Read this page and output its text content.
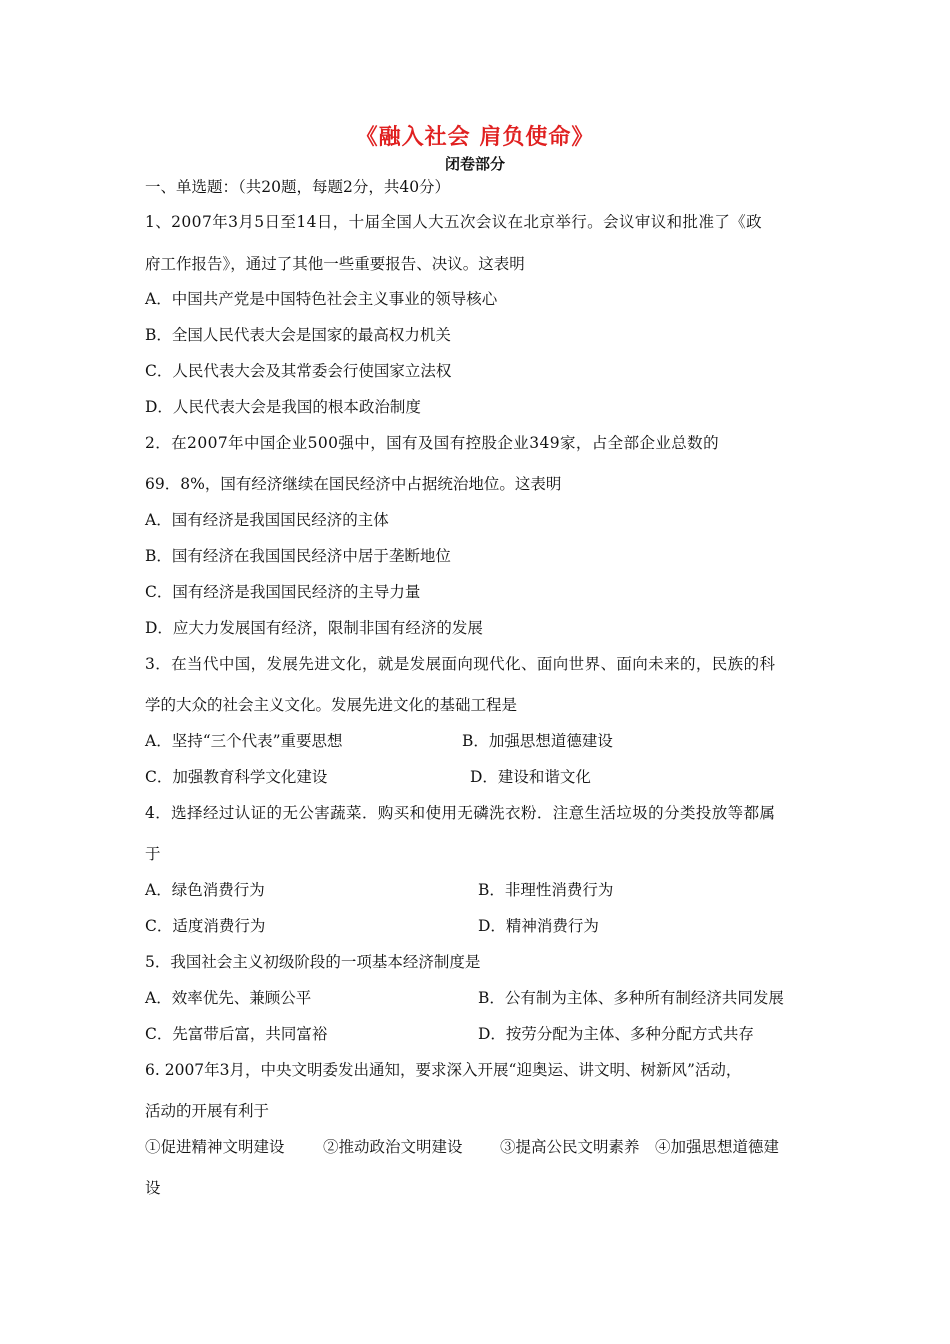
《融入社会 肩负使命》
闭卷部分
一、单选题：（共20题，每题2分，共40分）
1、2007年3月5日至14日，十届全国人大五次会议在北京举行。会议审议和批准了《政
府工作报告》，通过了其他一些重要报告、决议。这表明
A．中国共产党是中国特色社会主义事业的领导核心
B．全国人民代表大会是国家的最高权力机关
C．人民代表大会及其常委会行使国家立法权
D．人民代表大会是我国的根本政治制度
2．在2007年中国企业500强中，国有及国有控股企业349家，占全部企业总数的
69．8%，国有经济继续在国民经济中占据统治地位。这表明
A．国有经济是我国国民经济的主体
B．国有经济在我国国民经济中居于垄断地位
C．国有经济是我国国民经济的主导力量
D．应大力发展国有经济，限制非国有经济的发展
3．在当代中国，发展先进文化，就是发展面向现代化、面向世界、面向未来的，民族的科
学的大众的社会主义文化。发展先进文化的基础工程是
A．坚持“三个代表”重要思想	B．加强思想道德建设
C．加强教育科学文化建设	D．建设和谐文化
4．选择经过认证的无公害蔬菜．购买和使用无磷洗衣粉．注意生活垃圾的分类投放等都属
于
A．绿色消费行为	B．非理性消费行为
C．适度消费行为	D．精神消费行为
5．我国社会主义初级阶段的一项基本经济制度是
A．效率优先、兼顾公平	B．公有制为主体、多种所有制经济共同发展
C．先富带后富，共同富裕	D．按劳分配为主体、多种分配方式共存
6. 2007年3月，中央文明委发出通知，要求深入开展“迎奥运、讲文明、树新风”活动，
活动的开展有利于
①促进精神文明建设 ②推动政治文明建设 ③提高公民文明素养 ④加强思想道德建
设
